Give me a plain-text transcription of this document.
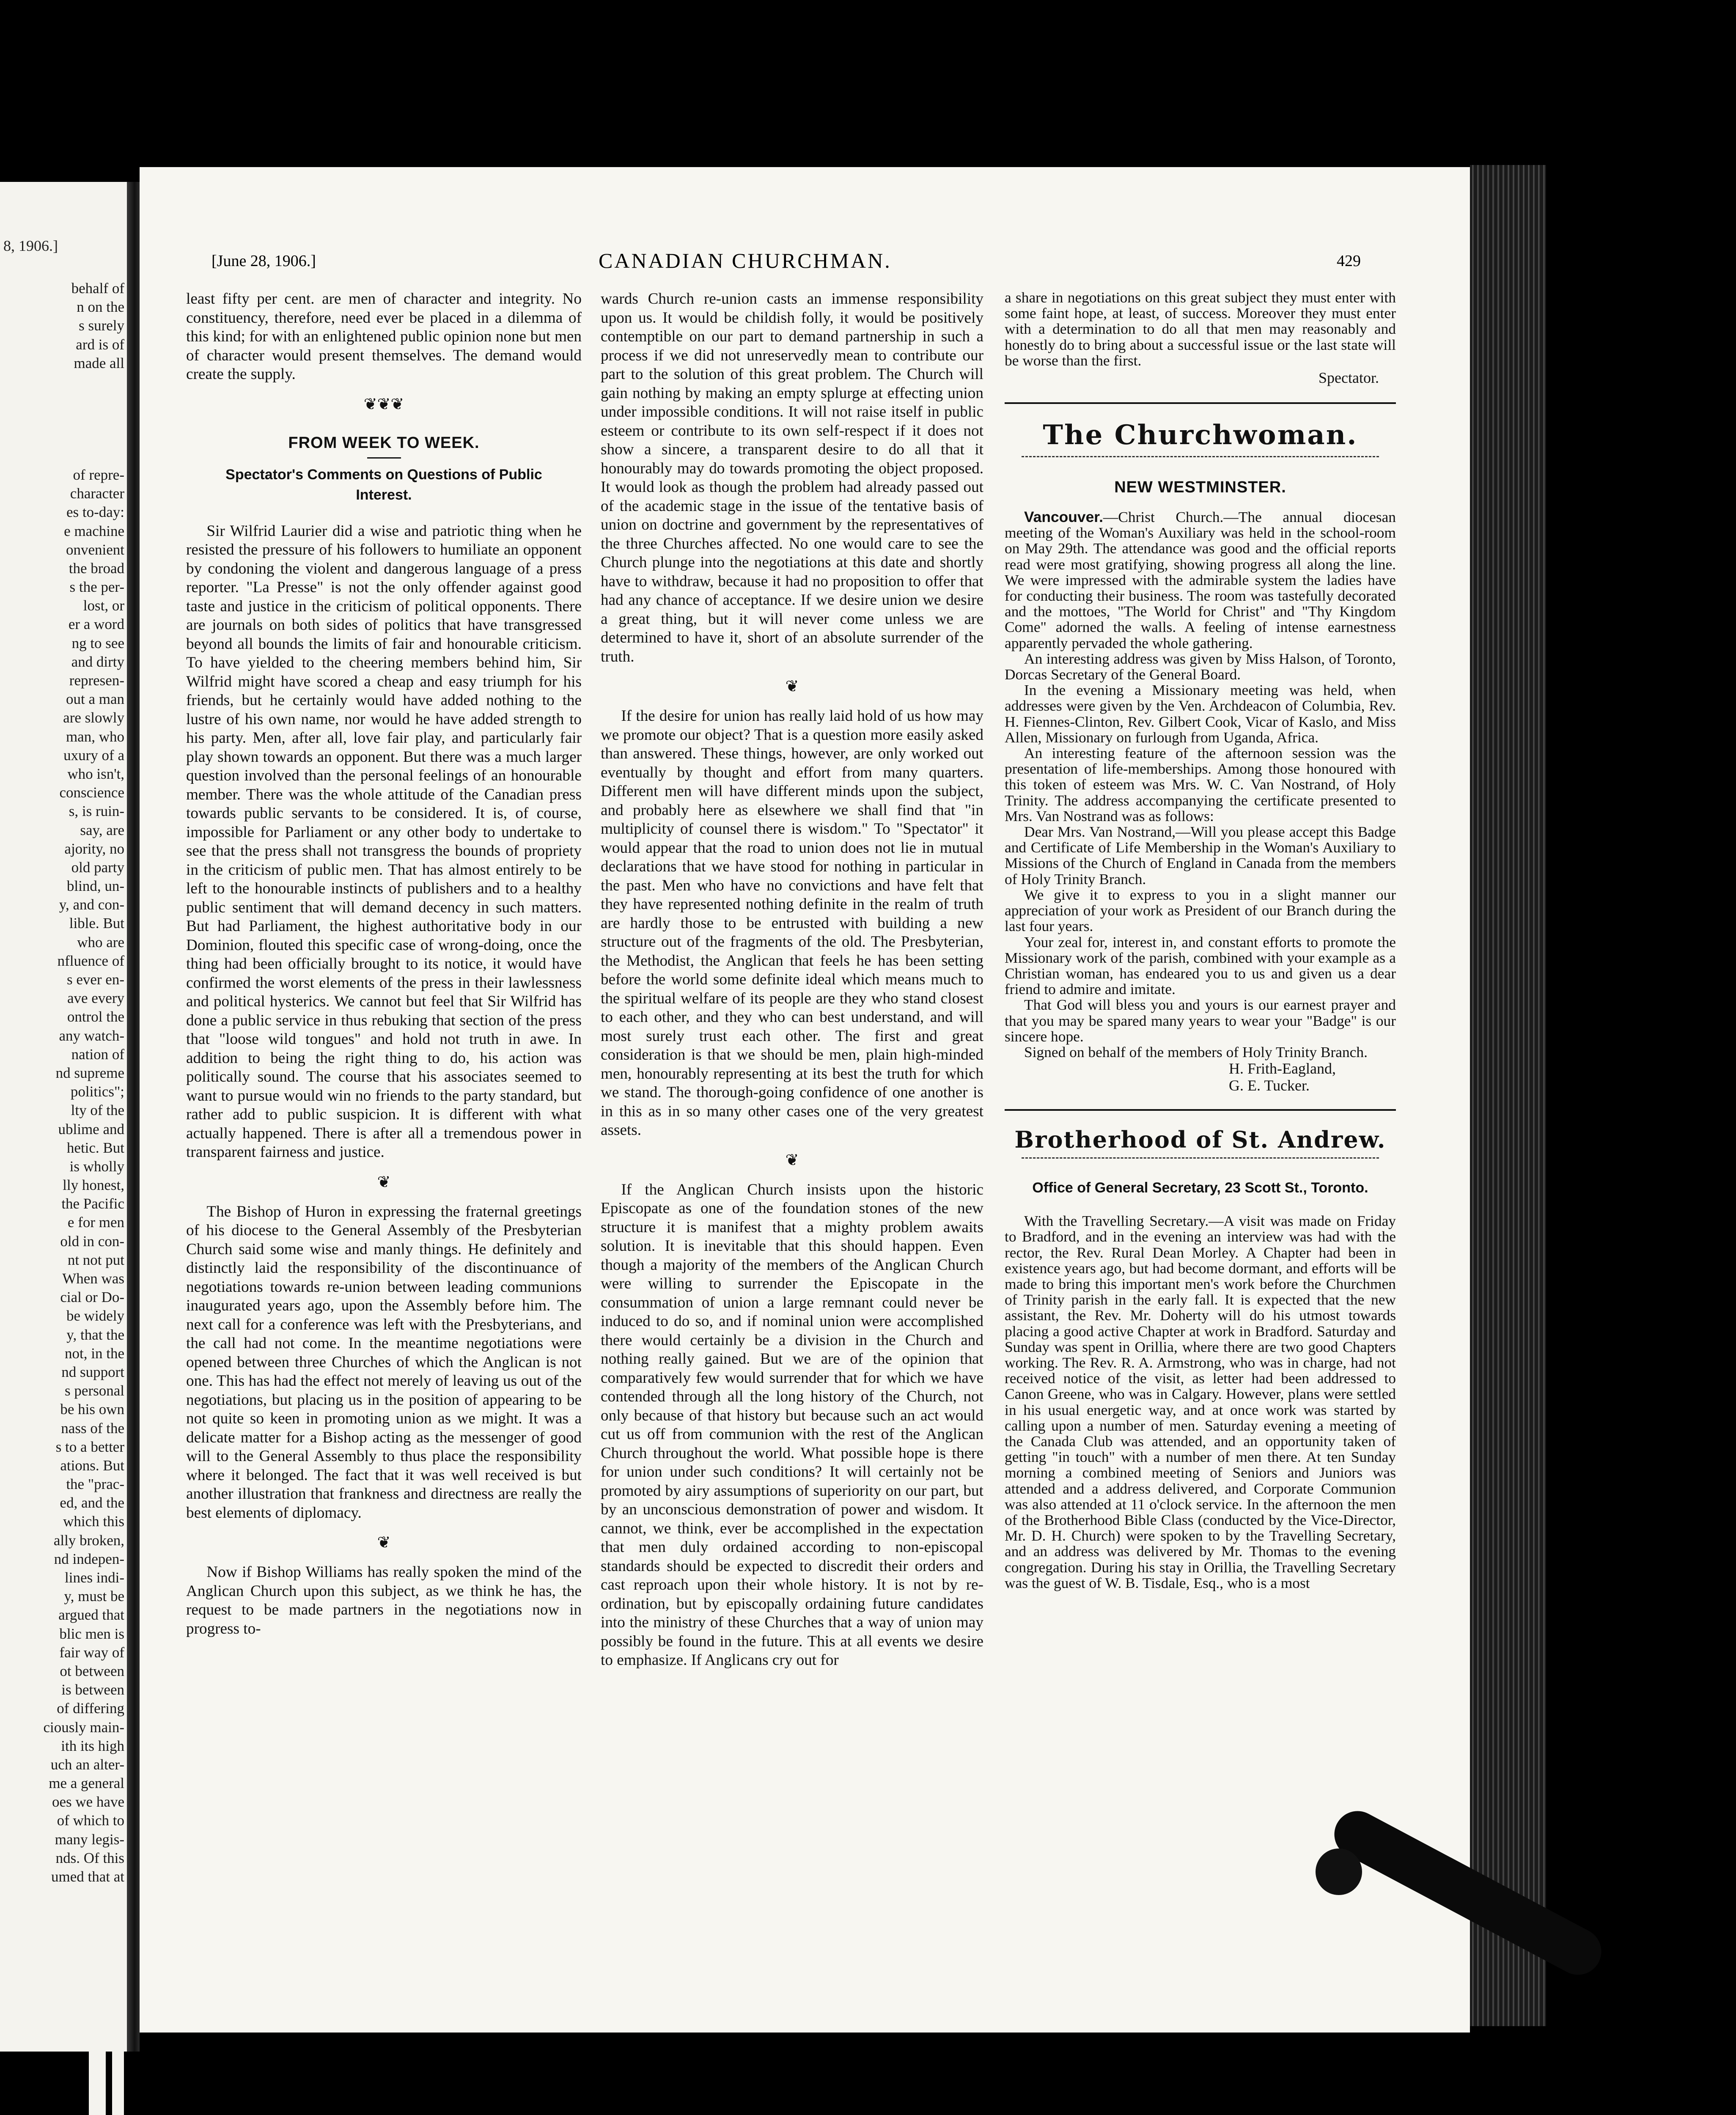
8, 1906.]
behalf of
n on the
s surely
ard is of
made all
of repre-
character
es to-day:
e machine
onvenient
the broad
s the per-
lost, or
er a word
ng to see
and dirty
represen-
out a man
are slowly
man, who
uxury of a
who isn't,
conscience
s, is ruin-
say, are
ajority, no
old party
blind, un-
y, and con-
lible. But
who are
nfluence of
s ever en-
ave every
ontrol the
any watch-
nation of
nd supreme
politics";
lty of the
ublime and
hetic. But
is wholly
lly honest,
the Pacific
e for men
old in con-
nt not put
When was
cial or Do-
be widely
y, that the
not, in the
nd support
s personal
be his own
nass of the
s to a better
ations. But
the "prac-
ed, and the
which this
ally broken,
nd indepen-
lines indi-
y, must be
argued that
blic men is
fair way of
ot between
is between
of differing
ciously main-
ith its high
uch an alter-
me a general
oes we have
of which to
many legis-
nds. Of this
umed that at
[June 28, 1906.]	CANADIAN CHURCHMAN.	429

least fifty per cent. are men of character and integrity. No constituency, therefore, need ever be placed in a dilemma of this kind; for with an enlightened public opinion none but men of character would present themselves. The demand would create the supply.

❦❦❦
FROM WEEK TO WEEK.
Spectator's Comments on Questions of Public Interest.

Sir Wilfrid Laurier did a wise and patriotic thing when he resisted the pressure of his followers to humiliate an opponent by condoning the violent and dangerous language of a press reporter. "La Presse" is not the only offender against good taste and justice in the criticism of political opponents. There are journals on both sides of politics that have transgressed beyond all bounds the limits of fair and honourable criticism. To have yielded to the cheering members behind him, Sir Wilfrid might have scored a cheap and easy triumph for his friends, but he certainly would have added nothing to the lustre of his own name, nor would he have added strength to his party. Men, after all, love fair play, and particularly fair play shown towards an opponent. But there was a much larger question involved than the personal feelings of an honourable member. There was the whole attitude of the Canadian press towards public servants to be considered. It is, of course, impossible for Parliament or any other body to undertake to see that the press shall not transgress the bounds of propriety in the criticism of public men. That has almost entirely to be left to the honourable instincts of publishers and to a healthy public sentiment that will demand decency in such matters. But had Parliament, the highest authoritative body in our Dominion, flouted this specific case of wrong-doing, once the thing had been officially brought to its notice, it would have confirmed the worst elements of the press in their lawlessness and political hysterics. We cannot but feel that Sir Wilfrid has done a public service in thus rebuking that section of the press that "loose wild tongues" and hold not truth in awe. In addition to being the right thing to do, his action was politically sound. The course that his associates seemed to want to pursue would win no friends to the party standard, but rather add to public suspicion. It is different with what actually happened. There is after all a tremendous power in transparent fairness and justice.

❦

The Bishop of Huron in expressing the fraternal greetings of his diocese to the General Assembly of the Presbyterian Church said some wise and manly things. He definitely and distinctly laid the responsibility of the discontinuance of negotiations towards re-union between leading communions inaugurated years ago, upon the Assembly before him. The next call for a conference was left with the Presbyterians, and the call had not come. In the meantime negotiations were opened between three Churches of which the Anglican is not one. This has had the effect not merely of leaving us out of the negotiations, but placing us in the position of appearing to be not quite so keen in promoting union as we might. It was a delicate matter for a Bishop acting as the messenger of good will to the General Assembly to thus place the responsibility where it belonged. The fact that it was well received is but another illustration that frankness and directness are really the best elements of diplomacy.

❦

Now if Bishop Williams has really spoken the mind of the Anglican Church upon this subject, as we think he has, the request to be made partners in the negotiations now in progress to-

wards Church re-union casts an immense responsibility upon us. It would be childish folly, it would be positively contemptible on our part to demand partnership in such a process if we did not unreservedly mean to contribute our part to the solution of this great problem. The Church will gain nothing by making an empty splurge at effecting union under impossible conditions. It will not raise itself in public esteem or contribute to its own self-respect if it does not show a sincere, a transparent desire to do all that it honourably may do towards promoting the object proposed. It would look as though the problem had already passed out of the academic stage in the issue of the tentative basis of union on doctrine and government by the representatives of the three Churches affected. No one would care to see the Church plunge into the negotiations at this date and shortly have to withdraw, because it had no proposition to offer that had any chance of acceptance. If we desire union we desire a great thing, but it will never come unless we are determined to have it, short of an absolute surrender of the truth.

❦

If the desire for union has really laid hold of us how may we promote our object? That is a question more easily asked than answered. These things, however, are only worked out eventually by thought and effort from many quarters. Different men will have different minds upon the subject, and probably here as elsewhere we shall find that "in multiplicity of counsel there is wisdom." To "Spectator" it would appear that the road to union does not lie in mutual declarations that we have stood for nothing in particular in the past. Men who have no convictions and have felt that they have represented nothing definite in the realm of truth are hardly those to be entrusted with building a new structure out of the fragments of the old. The Presbyterian, the Methodist, the Anglican that feels he has been setting before the world some definite ideal which means much to the spiritual welfare of its people are they who stand closest to each other, and they who can best understand, and will most surely trust each other. The first and great consideration is that we should be men, plain high-minded men, honourably representing at its best the truth for which we stand. The thorough-going confidence of one another is in this as in so many other cases one of the very greatest assets.

❦

If the Anglican Church insists upon the historic Episcopate as one of the foundation stones of the new structure it is manifest that a mighty problem awaits solution. It is inevitable that this should happen. Even though a majority of the members of the Anglican Church were willing to surrender the Episcopate in the consummation of union a large remnant could never be induced to do so, and if nominal union were accomplished there would certainly be a division in the Church and nothing really gained. But we are of the opinion that comparatively few would surrender that for which we have contended through all the long history of the Church, not only because of that history but because such an act would cut us off from communion with the rest of the Anglican Church throughout the world. What possible hope is there for union under such conditions? It will certainly not be promoted by airy assumptions of superiority on our part, but by an unconscious demonstration of power and wisdom. It cannot, we think, ever be accomplished in the expectation that men duly ordained according to non-episcopal standards should be expected to discredit their orders and cast reproach upon their whole history. It is not by re-ordination, but by episcopally ordaining future candidates into the ministry of these Churches that a way of union may possibly be found in the future. This at all events we desire to emphasize. If Anglicans cry out for

a share in negotiations on this great subject they must enter with some faint hope, at least, of success. Moreover they must enter with a determination to do all that men may reasonably and honestly do to bring about a successful issue or the last state will be worse than the first.

Spectator.
The Churchwoman.
NEW WESTMINSTER.

Vancouver.—Christ Church.—The annual diocesan meeting of the Woman's Auxiliary was held in the school-room on May 29th. The attendance was good and the official reports read were most gratifying, showing progress all along the line. We were impressed with the admirable system the ladies have for conducting their business. The room was tastefully decorated and the mottoes, "The World for Christ" and "Thy Kingdom Come" adorned the walls. A feeling of intense earnestness apparently pervaded the whole gathering.

An interesting address was given by Miss Halson, of Toronto, Dorcas Secretary of the General Board.

In the evening a Missionary meeting was held, when addresses were given by the Ven. Archdeacon of Columbia, Rev. H. Fiennes-Clinton, Rev. Gilbert Cook, Vicar of Kaslo, and Miss Allen, Missionary on furlough from Uganda, Africa.

An interesting feature of the afternoon session was the presentation of life-memberships. Among those honoured with this token of esteem was Mrs. W. C. Van Nostrand, of Holy Trinity. The address accompanying the certificate presented to Mrs. Van Nostrand was as follows:

Dear Mrs. Van Nostrand,—Will you please accept this Badge and Certificate of Life Membership in the Woman's Auxiliary to Missions of the Church of England in Canada from the members of Holy Trinity Branch.

We give it to express to you in a slight manner our appreciation of your work as President of our Branch during the last four years.

Your zeal for, interest in, and constant efforts to promote the Missionary work of the parish, combined with your example as a Christian woman, has endeared you to us and given us a dear friend to admire and imitate.

That God will bless you and yours is our earnest prayer and that you may be spared many years to wear your "Badge" is our sincere hope.

Signed on behalf of the members of Holy Trinity Branch.

H. Frith-Eagland,
G. E. Tucker.
Brotherhood of St. Andrew.
Office of General Secretary, 23 Scott St., Toronto.

With the Travelling Secretary.—A visit was made on Friday to Bradford, and in the evening an interview was had with the rector, the Rev. Rural Dean Morley. A Chapter had been in existence years ago, but had become dormant, and efforts will be made to bring this important men's work before the Churchmen of Trinity parish in the early fall. It is expected that the new assistant, the Rev. Mr. Doherty will do his utmost towards placing a good active Chapter at work in Bradford. Saturday and Sunday was spent in Orillia, where there are two good Chapters working. The Rev. R. A. Armstrong, who was in charge, had not received notice of the visit, as letter had been addressed to Canon Greene, who was in Calgary. However, plans were settled in his usual energetic way, and at once work was started by calling upon a number of men. Saturday evening a meeting of the Canada Club was attended, and an opportunity taken of getting "in touch" with a number of men there. At ten Sunday morning a combined meeting of Seniors and Juniors was attended and a address delivered, and Corporate Communion was also attended at 11 o'clock service. In the afternoon the men of the Brotherhood Bible Class (conducted by the Vice-Director, Mr. D. H. Church) were spoken to by the Travelling Secretary, and an address was delivered by Mr. Thomas to the evening congregation. During his stay in Orillia, the Travelling Secretary was the guest of W. B. Tisdale, Esq., who is a most
